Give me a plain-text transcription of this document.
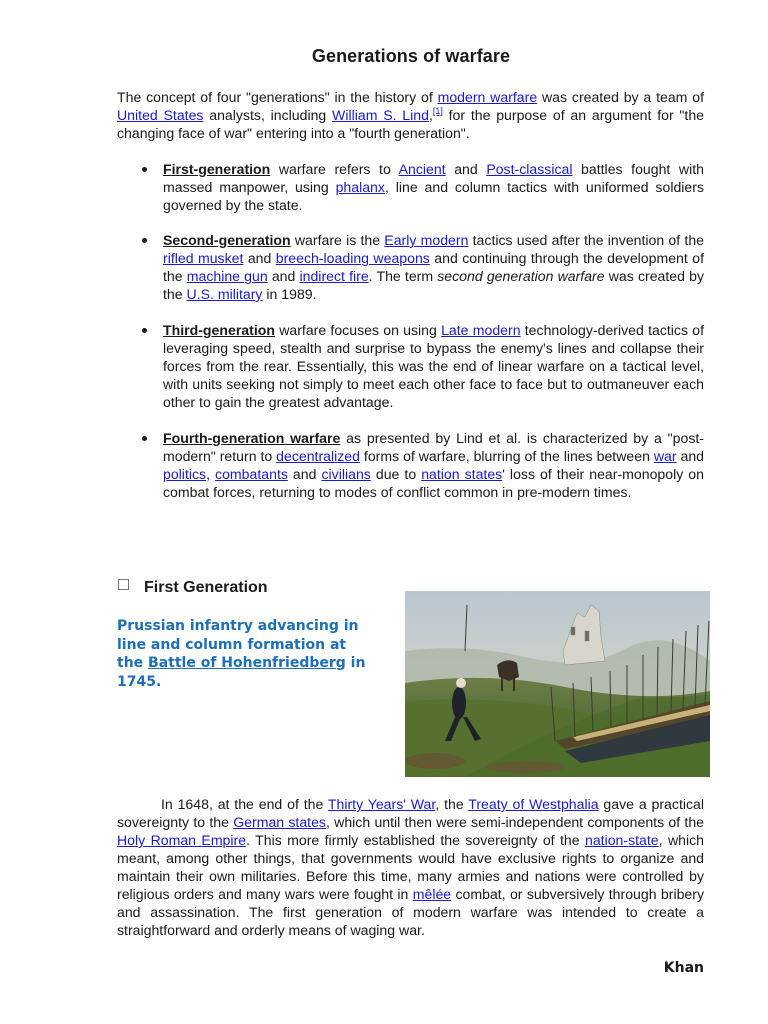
Generations of warfare

The concept of four "generations" in the history of modern warfare was created by a team of United States analysts, including William S. Lind,[1] for the purpose of an argument for "the changing face of war" entering into a "fourth generation".

First-generation warfare refers to Ancient and Post-classical battles fought with massed manpower, using phalanx, line and column tactics with uniformed soldiers governed by the state.
Second-generation warfare is the Early modern tactics used after the invention of the rifled musket and breech-loading weapons and continuing through the development of the machine gun and indirect fire. The term second generation warfare was created by the U.S. military in 1989.
Third-generation warfare focuses on using Late modern technology-derived tactics of leveraging speed, stealth and surprise to bypass the enemy's lines and collapse their forces from the rear. Essentially, this was the end of linear warfare on a tactical level, with units seeking not simply to meet each other face to face but to outmaneuver each other to gain the greatest advantage.
Fourth-generation warfare as presented by Lind et al. is characterized by a "post-modern" return to decentralized forms of warfare, blurring of the lines between war and politics, combatants and civilians due to nation states' loss of their near-monopoly on combat forces, returning to modes of conflict common in pre-modern times.
First Generation
Prussian infantry advancing in line and column formation at the Battle of Hohenfriedberg in 1745.

In 1648, at the end of the Thirty Years' War, the Treaty of Westphalia gave a practical sovereignty to the German states, which until then were semi-independent components of the Holy Roman Empire. This more firmly established the sovereignty of the nation-state, which meant, among other things, that governments would have exclusive rights to organize and maintain their own militaries. Before this time, many armies and nations were controlled by religious orders and many wars were fought in mêlée combat, or subversively through bribery and assassination. The first generation of modern warfare was intended to create a straightforward and orderly means of waging war.

Khan
